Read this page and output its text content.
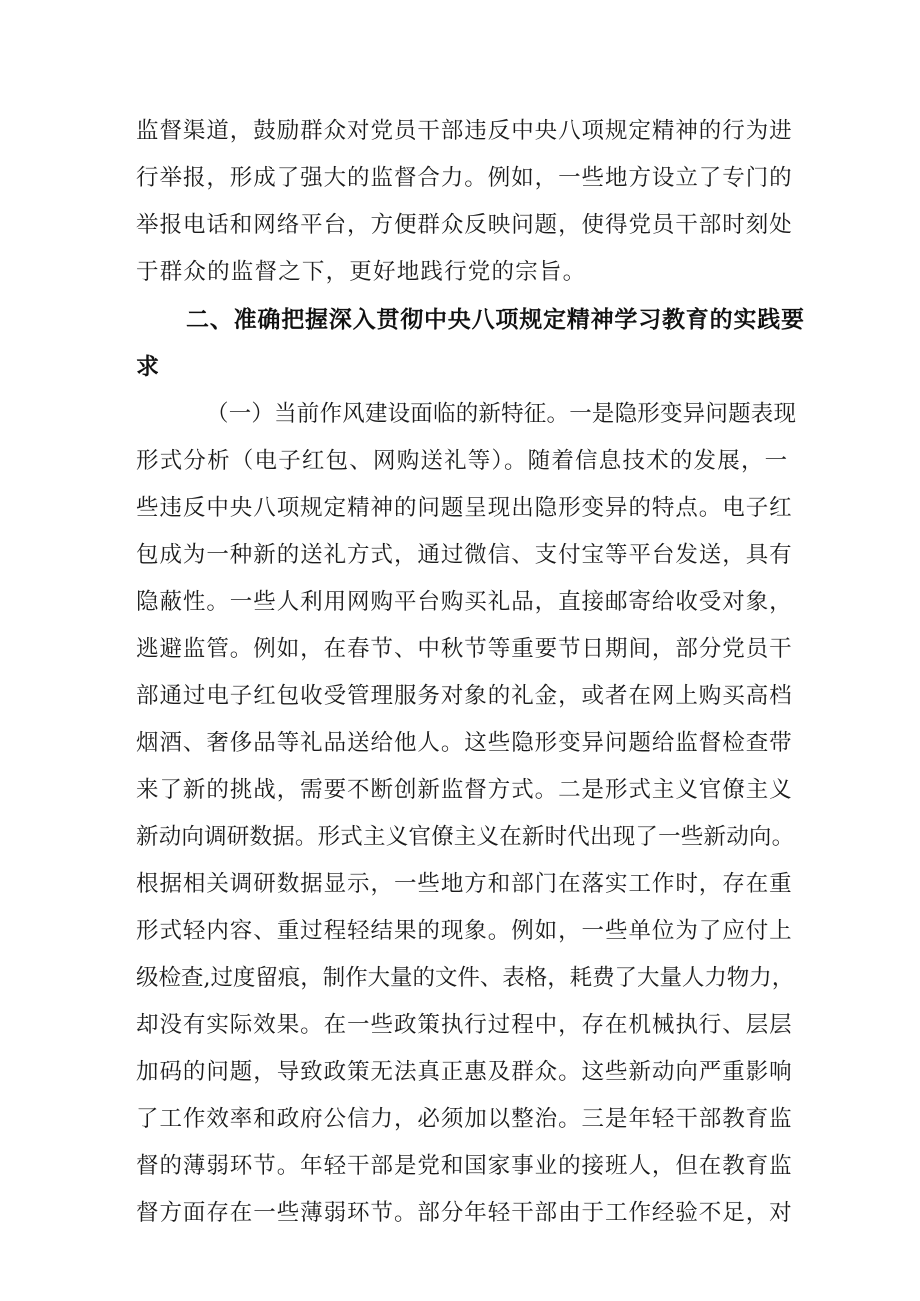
监督渠道，鼓励群众对党员干部违反中央八项规定精神的行为进
行举报，形成了强大的监督合力。例如，一些地方设立了专门的
举报电话和网络平台，方便群众反映问题，使得党员干部时刻处
于群众的监督之下，更好地践行党的宗旨。
二、准确把握深入贯彻中央八项规定精神学习教育的实践要
求
（一）当前作风建设面临的新特征。一是隐形变异问题表现
形式分析（电子红包、网购送礼等）。随着信息技术的发展，一
些违反中央八项规定精神的问题呈现出隐形变异的特点。电子红
包成为一种新的送礼方式，通过微信、支付宝等平台发送，具有
隐蔽性。一些人利用网购平台购买礼品，直接邮寄给收受对象，
逃避监管。例如，在春节、中秋节等重要节日期间，部分党员干
部通过电子红包收受管理服务对象的礼金，或者在网上购买高档
烟酒、奢侈品等礼品送给他人。这些隐形变异问题给监督检查带
来了新的挑战，需要不断创新监督方式。二是形式主义官僚主义
新动向调研数据。形式主义官僚主义在新时代出现了一些新动向。
根据相关调研数据显示，一些地方和部门在落实工作时，存在重
形式轻内容、重过程轻结果的现象。例如，一些单位为了应付上
级检查,过度留痕，制作大量的文件、表格，耗费了大量人力物力，
却没有实际效果。在一些政策执行过程中，存在机械执行、层层
加码的问题，导致政策无法真正惠及群众。这些新动向严重影响
了工作效率和政府公信力，必须加以整治。三是年轻干部教育监
督的薄弱环节。年轻干部是党和国家事业的接班人，但在教育监
督方面存在一些薄弱环节。部分年轻干部由于工作经验不足，对
